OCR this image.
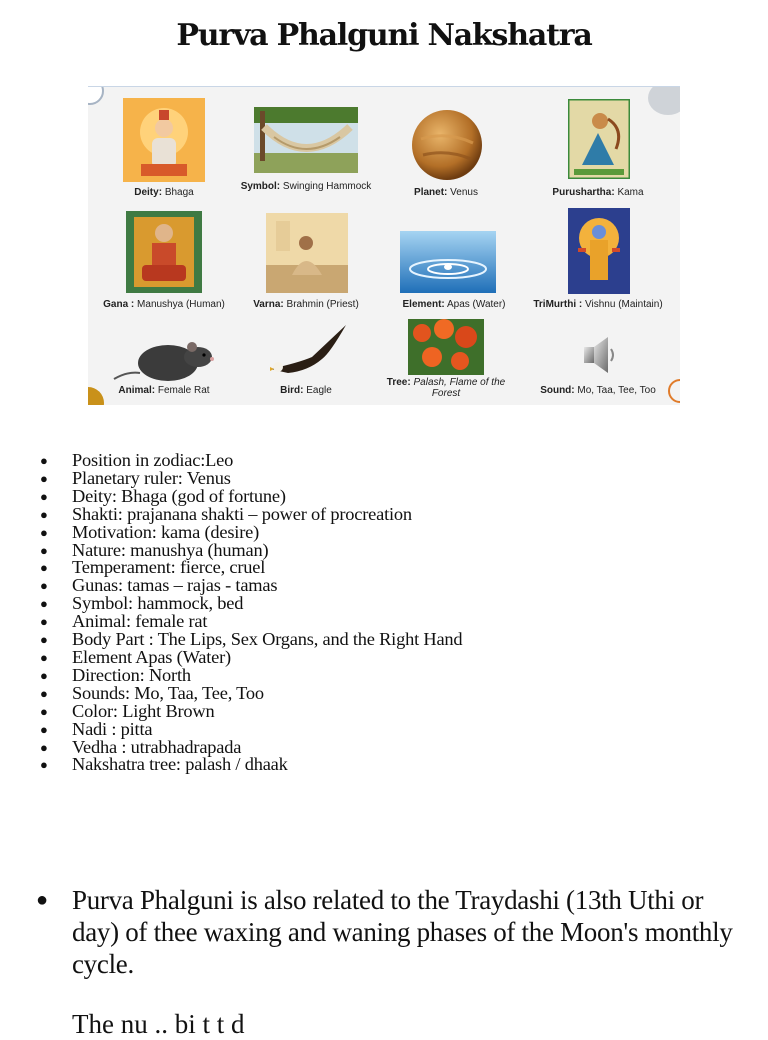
Purva Phalguni Nakshatra
Deity: Bhaga
Symbol: Swinging Hammock
Planet: Venus	Purushartha: Kama
Gana : Manushya (Human)	Varna: Brahmin (Priest)	Element: Apas (Water)	TriMurthi : Vishnu (Maintain)
Animal: Female Rat	Bird: Eagle
Tree: Palash, Flame of the Forest	Sound: Mo, Taa, Tee, Too
● Position in zodiac:Leo
● Planetary ruler: Venus
● Deity: Bhaga (god of fortune)
● Shakti: prajanana shakti – power of procreation
● Motivation: kama (desire)
● Nature: manushya (human)
● Temperament: fierce, cruel
● Gunas: tamas – rajas - tamas
● Symbol: hammock, bed
● Animal: female rat
● Body Part : The Lips, Sex Organs, and the Right Hand
● Element Apas (Water)
● Direction: North
● Sounds: Mo, Taa, Tee, Too
● Color: Light Brown
● Nadi : pitta
● Vedha : utrabhadrapada
● Nakshatra tree: palash / dhaak
● Purva Phalguni is also related to the Traydashi (13th Uthi or day) of thee waxing and waning phases of the Moon's monthly cycle.
The nu .. bi t t d
